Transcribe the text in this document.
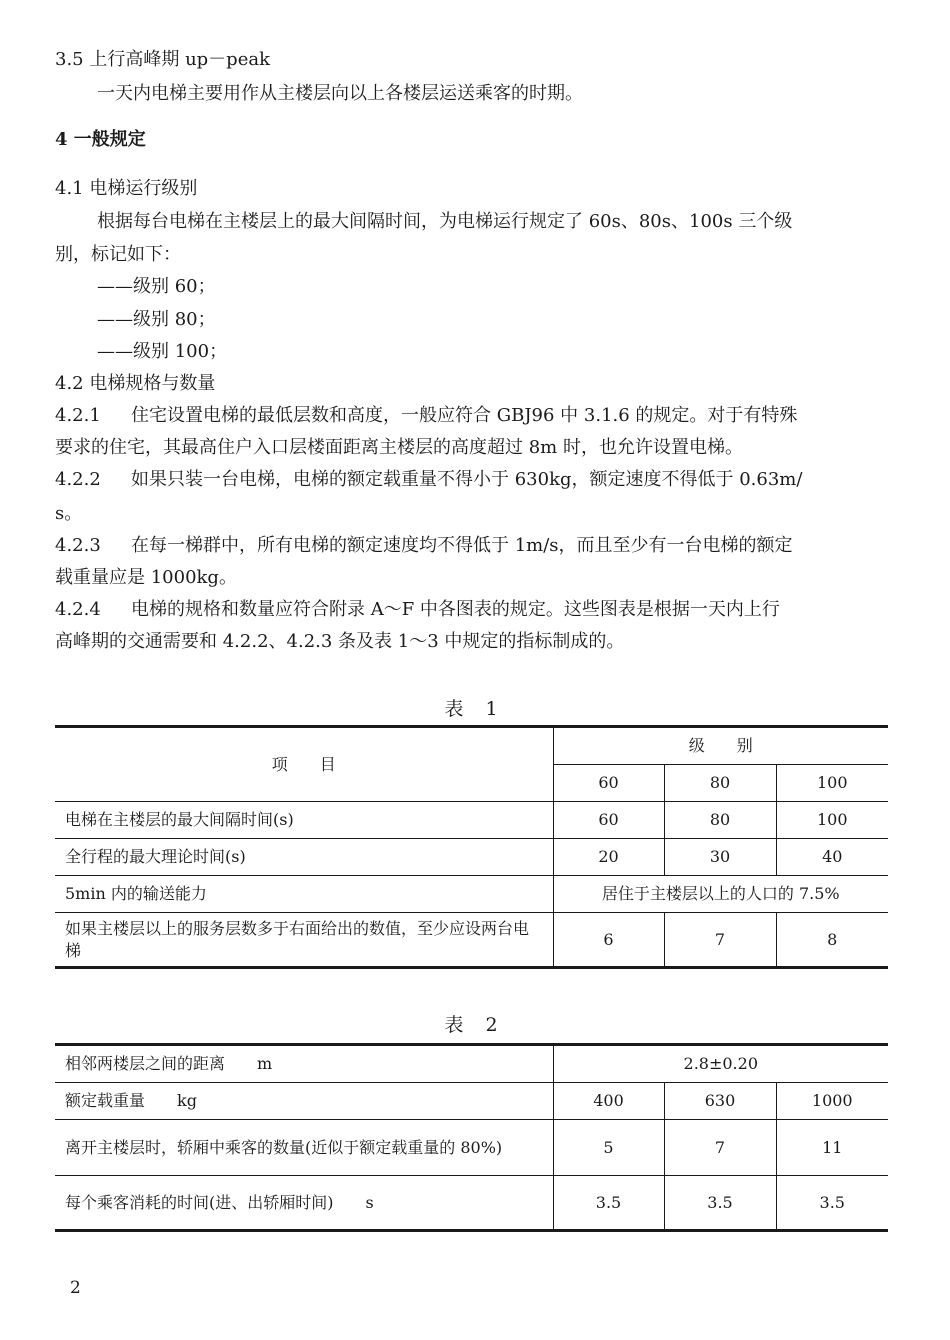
3.5 上行高峰期 up－peak
一天内电梯主要用作从主楼层向以上各楼层运送乘客的时期。
4 一般规定
4.1 电梯运行级别
根据每台电梯在主楼层上的最大间隔时间，为电梯运行规定了 60s、80s、100s 三个级
别，标记如下：
——级别 60；
——级别 80；
——级别 100；
4.2 电梯规格与数量
4.2.1 住宅设置电梯的最低层数和高度，一般应符合 GBJ96 中 3.1.6 的规定。对于有特殊
要求的住宅，其最高住户入口层楼面距离主楼层的高度超过 8m 时，也允许设置电梯。
4.2.2 如果只装一台电梯，电梯的额定载重量不得小于 630kg，额定速度不得低于 0.63m/
s。
4.2.3 在每一梯群中，所有电梯的额定速度均不得低于 1m/s，而且至少有一台电梯的额定
载重量应是 1000kg。
4.2.4 电梯的规格和数量应符合附录 A～F 中各图表的规定。这些图表是根据一天内上行
高峰期的交通需要和 4.2.2、4.2.3 条及表 1～3 中规定的指标制成的。
表 1
项　　目	级　　别		
	60	80	100
电梯在主楼层的最大间隔时间(s)	60	80	100
全行程的最大理论时间(s)	20	30	40
5min 内的输送能力	居住于主楼层以上的人口的 7.5%		
如果主楼层以上的服务层数多于右面给出的数值，至少应设两台电梯	6	7	8
表 2
相邻两楼层之间的距离　　m	2.8±0.20		
额定载重量　　kg	400	630	1000
离开主楼层时，轿厢中乘客的数量(近似于额定载重量的 80%)	5	7	11
每个乘客消耗的时间(进、出轿厢时间)　　s	3.5	3.5	3.5
2
